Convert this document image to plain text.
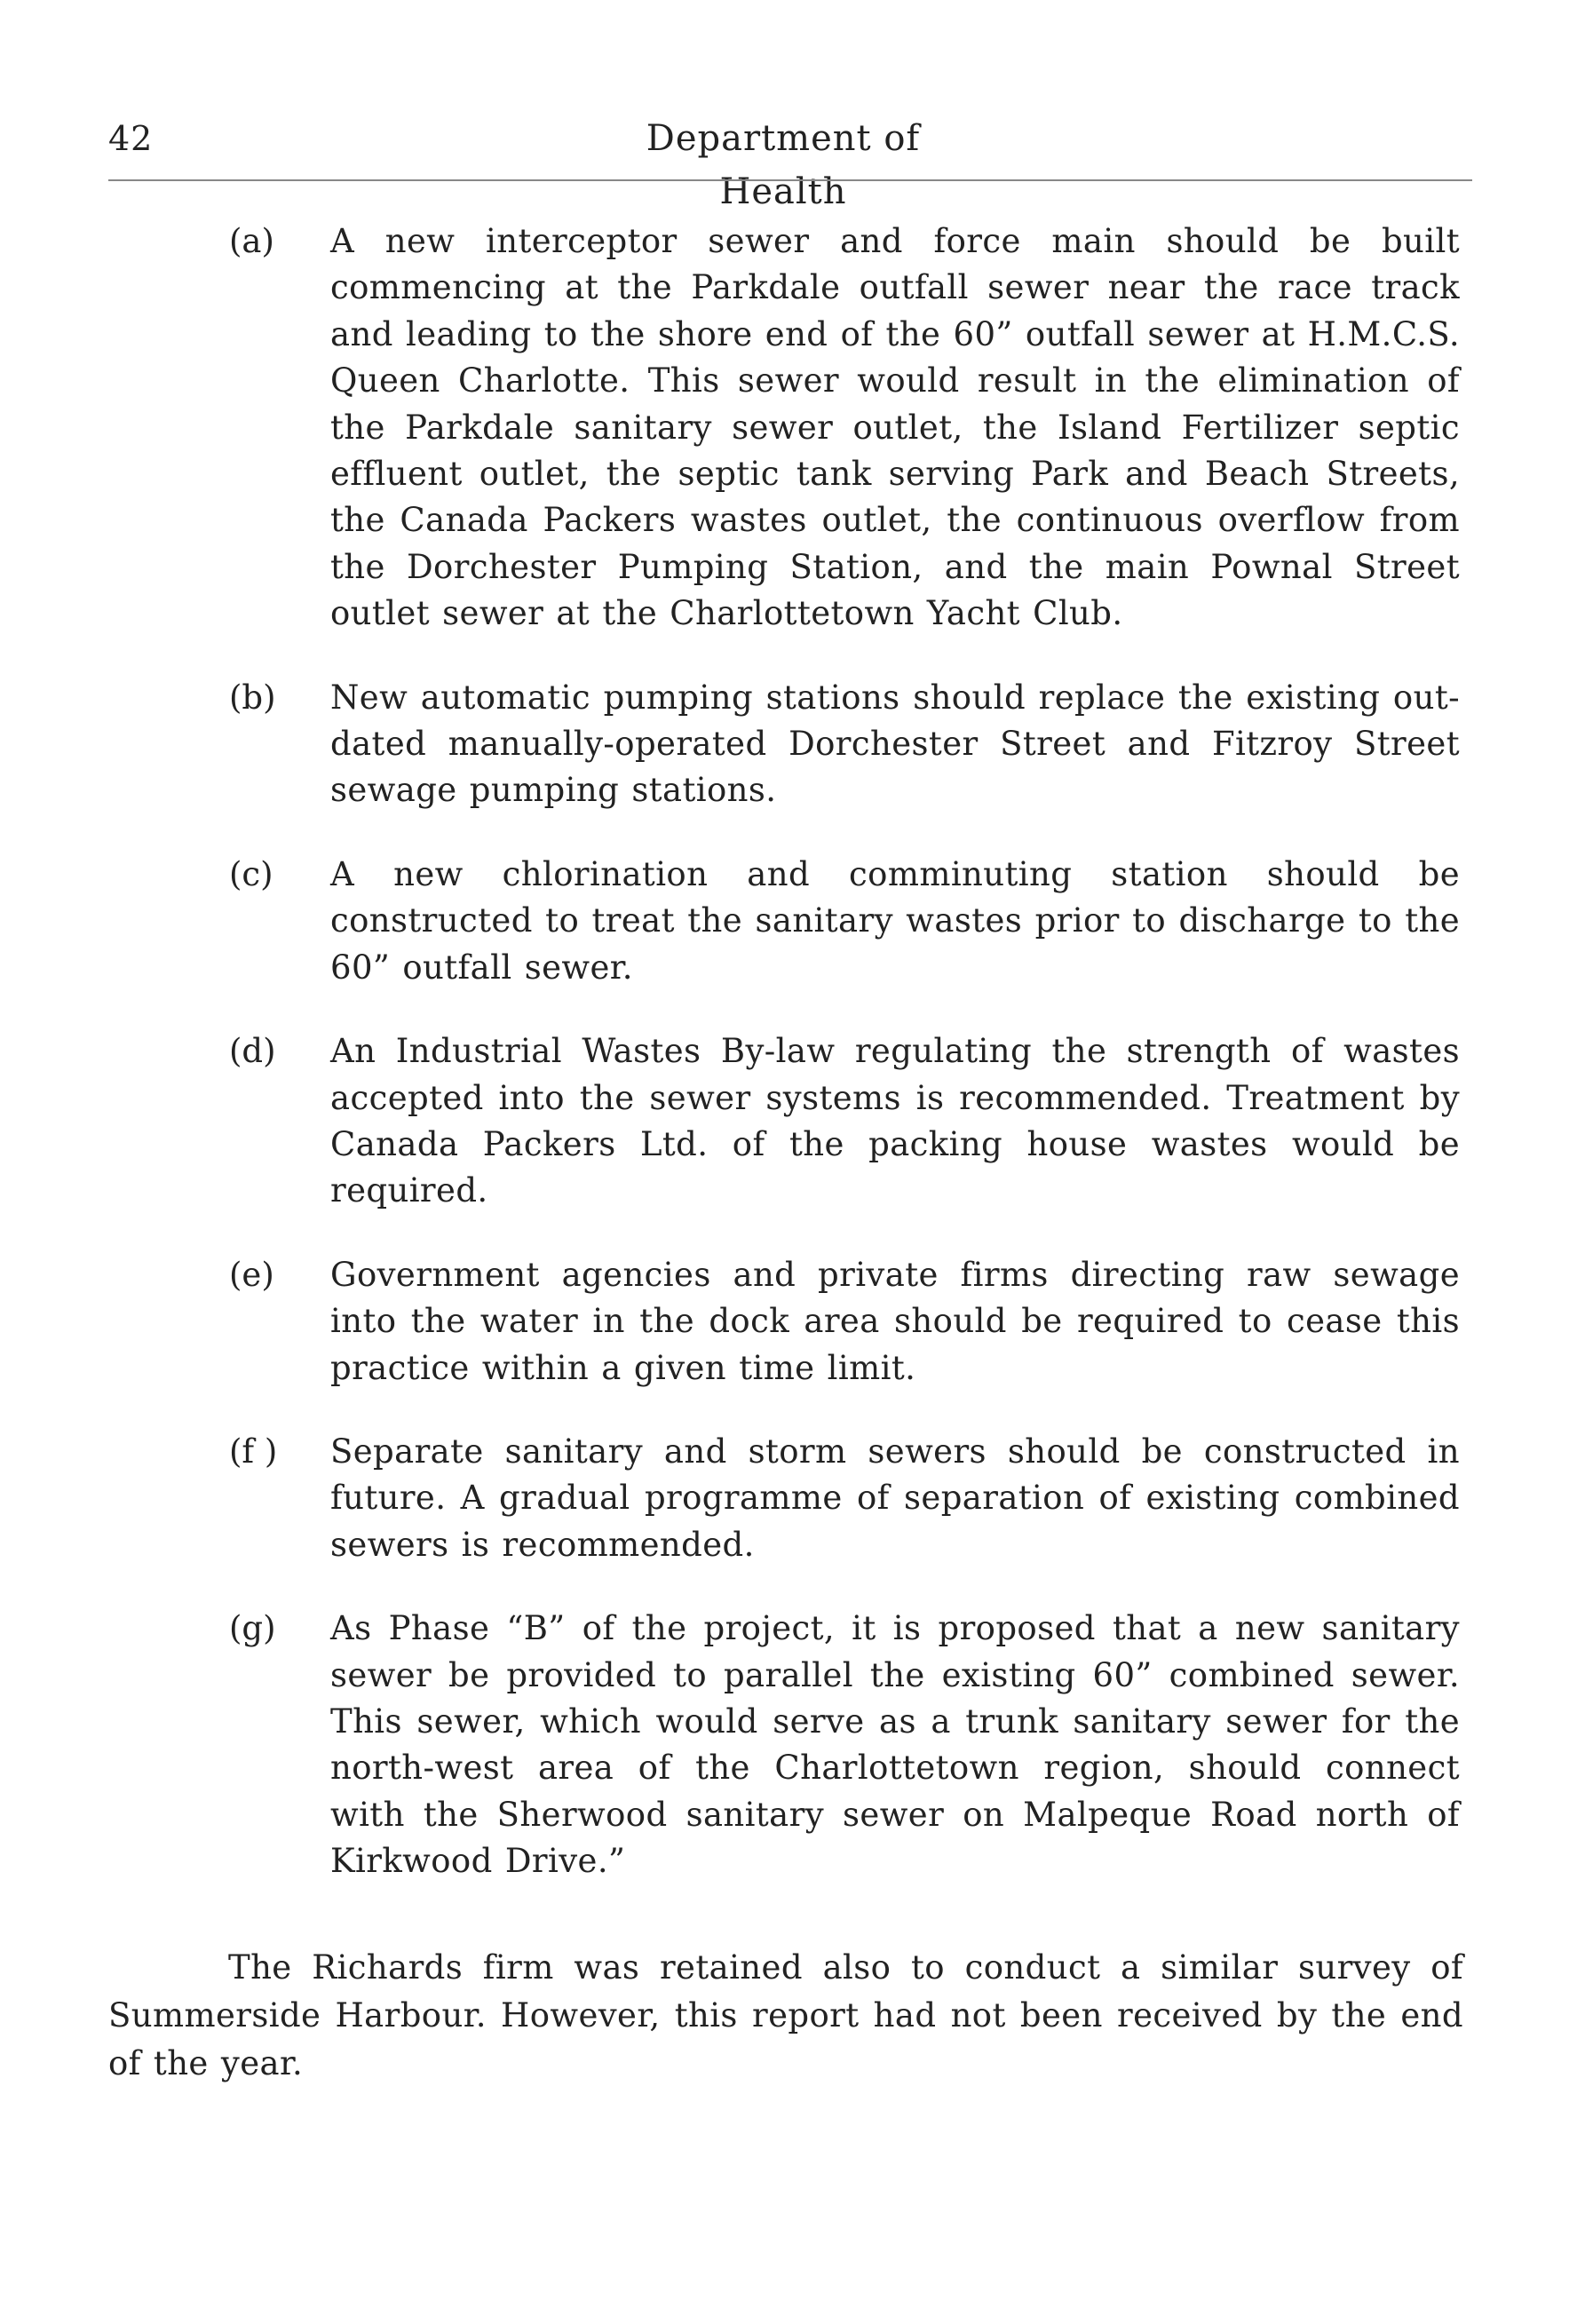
42	Department of Health
(a) A new interceptor sewer and force main should be built commencing at the Parkdale outfall sewer near the race track and leading to the shore end of the 60” outfall sewer at H.M.C.S. Queen Charlotte. This sewer would result in the elimination of the Parkdale sanitary sewer outlet, the Island Fertilizer septic effluent outlet, the septic tank serving Park and Beach Streets, the Canada Packers wastes outlet, the continuous overflow from the Dorchester Pumping Station, and the main Pownal Street outlet sewer at the Charlottetown Yacht Club.
(b) New automatic pumping stations should replace the existing out-dated manually-operated Dorchester Street and Fitzroy Street sewage pumping stations.
(c) A new chlorination and comminuting station should be constructed to treat the sanitary wastes prior to discharge to the 60” outfall sewer.
(d) An Industrial Wastes By-law regulating the strength of wastes accepted into the sewer systems is recommended. Treatment by Canada Packers Ltd. of the packing house wastes would be required.
(e) Government agencies and private firms directing raw sewage into the water in the dock area should be required to cease this practice within a given time limit.
(f ) Separate sanitary and storm sewers should be constructed in future. A gradual programme of separation of existing combined sewers is recommended.
(g) As Phase “B” of the project, it is proposed that a new sanitary sewer be provided to parallel the existing 60” combined sewer. This sewer, which would serve as a trunk sanitary sewer for the north-west area of the Charlottetown region, should connect with the Sherwood sanitary sewer on Malpeque Road north of Kirkwood Drive.”

The Richards firm was retained also to conduct a similar survey of Summerside Harbour. However, this report had not been received by the end of the year.
